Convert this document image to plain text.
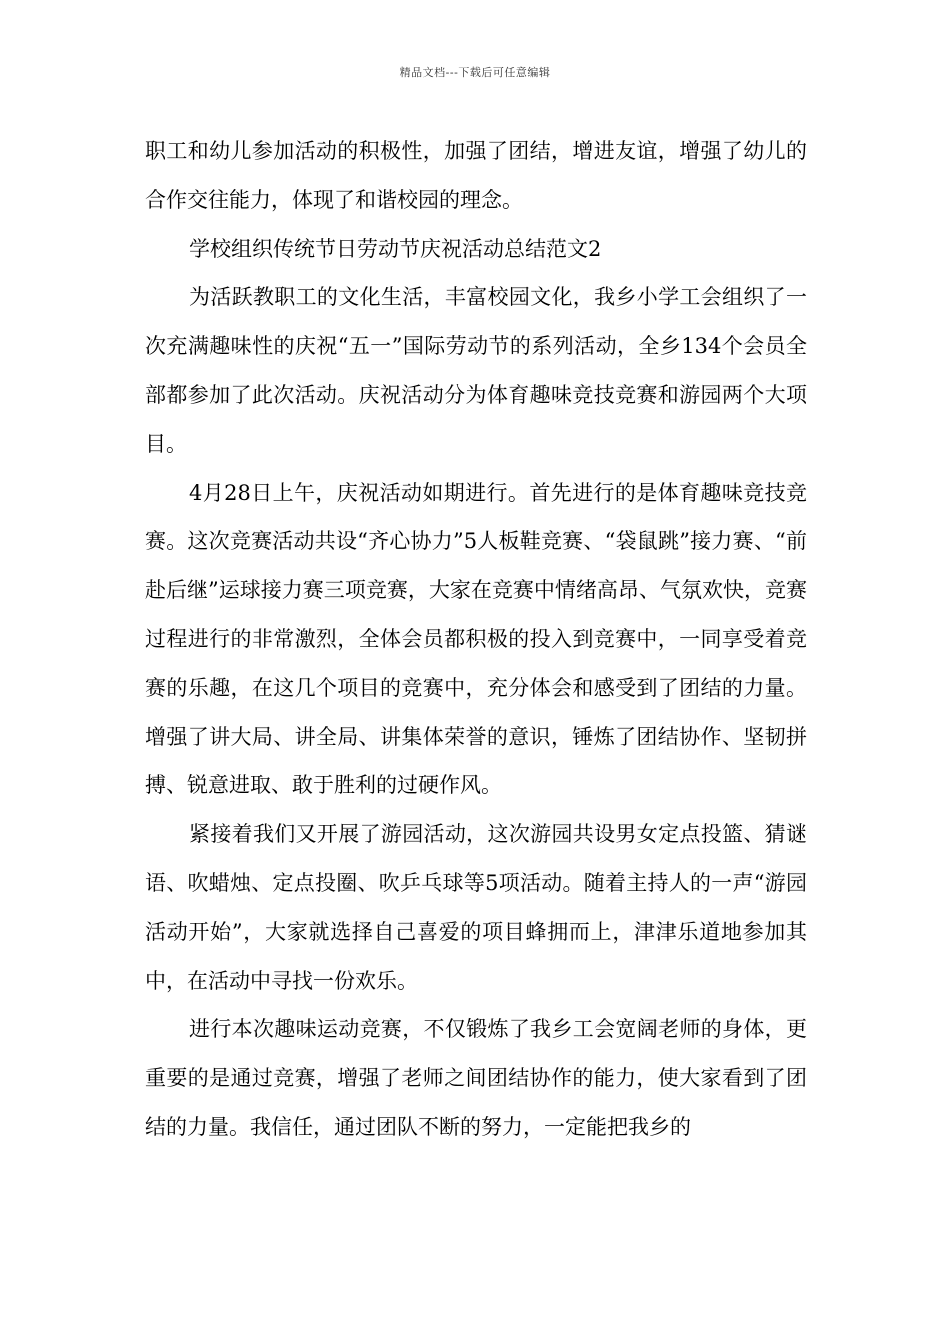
精品文档---下载后可任意编辑

职工和幼儿参加活动的积极性，加强了团结，增进友谊，增强了幼儿的合作交往能力，体现了和谐校园的理念。

学校组织传统节日劳动节庆祝活动总结范文2

为活跃教职工的文化生活，丰富校园文化，我乡小学工会组织了一次充满趣味性的庆祝“五一”国际劳动节的系列活动，全乡134个会员全部都参加了此次活动。庆祝活动分为体育趣味竞技竞赛和游园两个大项目。

4月28日上午，庆祝活动如期进行。首先进行的是体育趣味竞技竞赛。这次竞赛活动共设“齐心协力”5人板鞋竞赛、“袋鼠跳”接力赛、“前赴后继”运球接力赛三项竞赛，大家在竞赛中情绪高昂、气氛欢快，竞赛过程进行的非常激烈，全体会员都积极的投入到竞赛中，一同享受着竞赛的乐趣，在这几个项目的竞赛中，充分体会和感受到了团结的力量。增强了讲大局、讲全局、讲集体荣誉的意识，锤炼了团结协作、坚韧拼搏、锐意进取、敢于胜利的过硬作风。

紧接着我们又开展了游园活动，这次游园共设男女定点投篮、猜谜语、吹蜡烛、定点投圈、吹乒乓球等5项活动。随着主持人的一声“游园活动开始”，大家就选择自己喜爱的项目蜂拥而上，津津乐道地参加其中，在活动中寻找一份欢乐。

进行本次趣味运动竞赛，不仅锻炼了我乡工会宽阔老师的身体，更重要的是通过竞赛，增强了老师之间团结协作的能力，使大家看到了团结的力量。我信任，通过团队不断的努力，一定能把我乡的
